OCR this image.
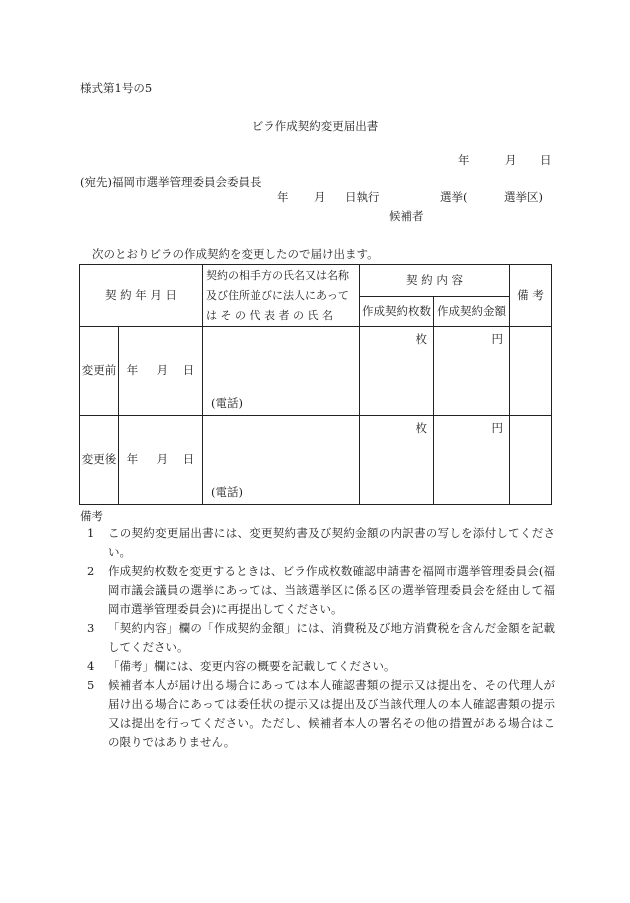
様式第1号の5
ビラ作成契約変更届出書
年	月 日
(宛先)福岡市選挙管理委員会委員長
年 月 日執行	選挙(	選挙区)
候補者
次のとおりビラの作成契約を変更したので届け出ます。
契 約 年 月 日		契約の相手方の氏名又は名称
及び住所並びに法人にあって
は そ の 代 表 者 の 氏 名	契 約 内 容		備 考
			作成契約枚数	作成契約金額	
変更前	年 月 日	(電話)	枚	円	

変更後	年 月 日	(電話)	枚	円	

備考
1	この契約変更届出書には、変更契約書及び契約金額の内訳書の写しを添付してください。
2	作成契約枚数を変更するときは、ビラ作成枚数確認申請書を福岡市選挙管理委員会(福岡市議会議員の選挙にあっては、当該選挙区に係る区の選挙管理委員会を経由して福岡市選挙管理委員会)に再提出してください。
3	「契約内容」欄の「作成契約金額」には、消費税及び地方消費税を含んだ金額を記載してください。
4	「備考」欄には、変更内容の概要を記載してください。
5	候補者本人が届け出る場合にあっては本人確認書類の提示又は提出を、その代理人が届け出る場合にあっては委任状の提示又は提出及び当該代理人の本人確認書類の提示又は提出を行ってください。ただし、候補者本人の署名その他の措置がある場合はこの限りではありません。
